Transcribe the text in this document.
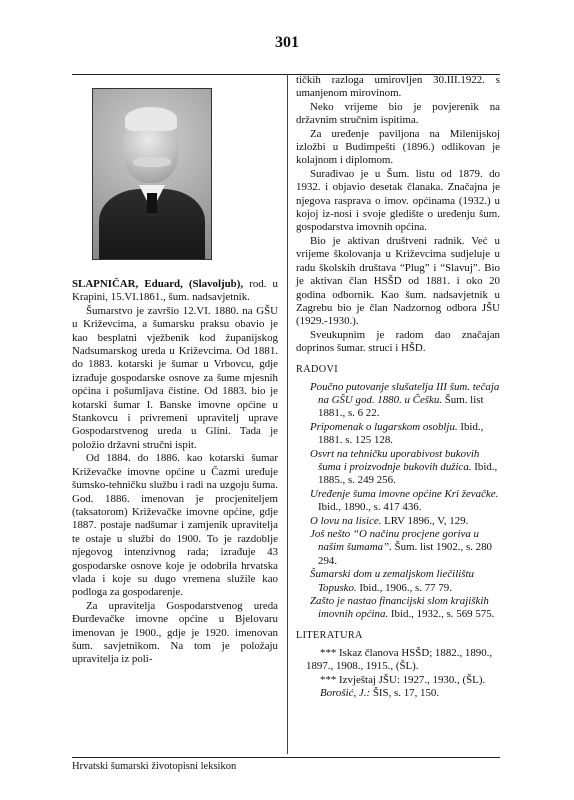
301

SLAPNIČAR, Eduard, (Slavoljub), rod. u Krapini, 15.VI.1861., šum. nadsavjetnik.

Šumarstvo je završio 12.VI. 1880. na GŠU u Križevcima, a šumarsku praksu obavio je kao besplatni vježbenik kod županijskog Nadsumarskog ureda u Križevcima. Od 1881. do 1883. kotarski je šumar u Vrbovcu, gdje izrađuje gospodarske osnove za šume mjesnih općina i pošumljava čistine. Od 1883. bio je kotarski šumar I. Banske imovne općine u Stankovcu i privremeni upravitelj uprave Gospodarstvenog ureda u Glini. Tada je položio državni stručni ispit.

Od 1884. do 1886. kao kotarski šumar Križevačke imovne općine u Čazmi uređuje šumsko-tehničku službu i radi na uzgoju šuma. God. 1886. imenovan je procjeniteljem (taksatorom) Križevačke imovne općine, gdje 1887. postaje nadšumar i zamjenik upravitelja te ostaje u službi do 1900. To je razdoblje njegovog intenzivnog rada; izrađuje 43 gospodarske osnove koje je odobrila hrvatska vlada i koje su dugo vremena služile kao podloga za gospodarenje.

Za upravitelja Gospodarstvenog ureda Đurđevačke imovne općine u Bjelovaru imenovan je 1900., gdje je 1920. imenovan šum. savjetnikom. Na tom je položaju upravitelja iz poli-

tičkih razloga umirovljen 30.III.1922. s umanjenom mirovinom.

Neko vrijeme bio je povjerenik na državnim stručnim ispitima.

Za uređenje paviljona na Milenijskoj izložbi u Budimpešti (1896.) odlikovan je kolajnom i diplomom.

Surađivao je u Šum. listu od 1879. do 1932. i objavio desetak članaka. Značajna je njegova rasprava o imov. općinama (1932.) u kojoj iz-nosi i svoje gledište o uređenju šum. gospodarstva imovnih općina.

Bio je aktivan društveni radnik. Već u vrijeme školovanja u Križevcima sudjeluje u radu školskih društava “Plug” i “Slavuj”. Bio je aktivan član HSŠD od 1881. i oko 20 godina odbornik. Kao šum. nadsavjetnik u Zagrebu bio je član Nadzornog odbora JŠU (1929.-1930.).

Sveukupnim je radom dao značajan doprinos šumar. struci i HŠD.

RADOVI

Poučno putovanje slušatelja III šum. tečaja na GŠU god. 1880. u Češku. Šum. list 1881., s. 6 22.

Pripomenak o lugarskom osoblju. Ibid., 1881. s. 125 128.

Osvrt na tehničku uporabivost bukovih šuma i proizvodnje bukovih dužica. Ibid., 1885., s. 249 256.

Uređenje šuma imovne općine Kri ževačke. Ibid., 1890., s. 417 436.

O lovu na lisice. LRV 1896., V, 129.

Još nešto “O načinu procjene goriva u našim šumama”. Šum. list 1902., s. 280 294.

Šumarski dom u zemaljskom liečilištu Topusko. Ibid., 1906., s. 77 79.

Zašto je nastao financijski slom krajiških imovnih općina. Ibid., 1932., s. 569 575.

LITERATURA

*** Iskaz članova HSŠD; 1882., 1890., 1897., 1908., 1915., (ŠL).

*** Izvještaj JŠU: 1927., 1930., (ŠL).

Borošić, J.: ŠIS, s. 17, 150.

Hrvatski šumarski životopisni leksikon
